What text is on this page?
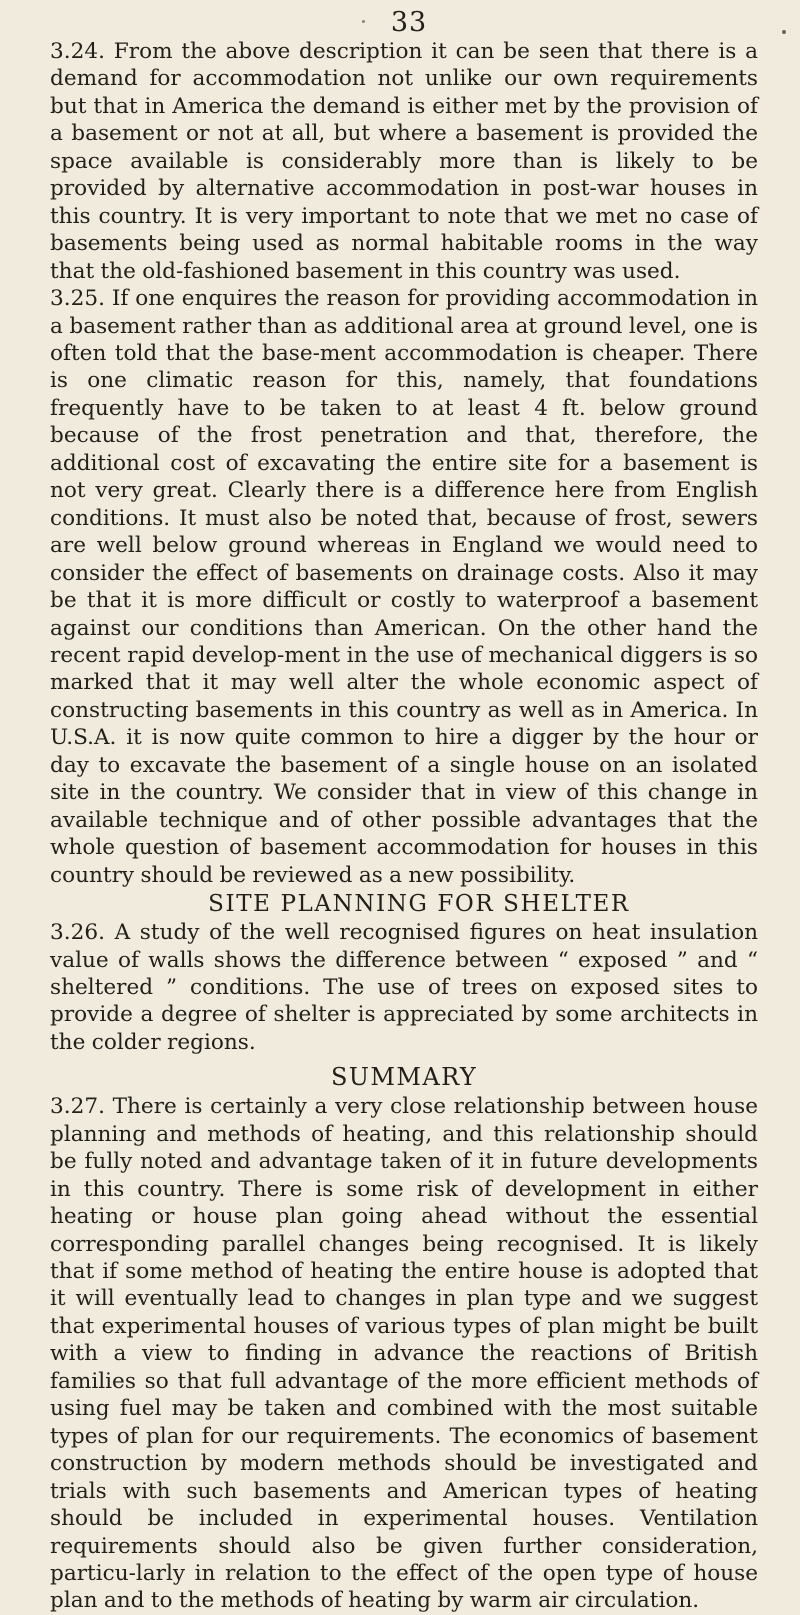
33

3.24. From the above description it can be seen that there is a demand for accommodation not unlike our own requirements but that in America the demand is either met by the provision of a basement or not at all, but where a basement is provided the space available is considerably more than is likely to be provided by alternative accommodation in post-war houses in this country. It is very important to note that we met no case of basements being used as normal habitable rooms in the way that the old-fashioned basement in this country was used.

3.25. If one enquires the reason for providing accommodation in a basement rather than as additional area at ground level, one is often told that the base-ment accommodation is cheaper. There is one climatic reason for this, namely, that foundations frequently have to be taken to at least 4 ft. below ground because of the frost penetration and that, therefore, the additional cost of excavating the entire site for a basement is not very great. Clearly there is a difference here from English conditions. It must also be noted that, because of frost, sewers are well below ground whereas in England we would need to consider the effect of basements on drainage costs. Also it may be that it is more difficult or costly to waterproof a basement against our conditions than American. On the other hand the recent rapid develop-ment in the use of mechanical diggers is so marked that it may well alter the whole economic aspect of constructing basements in this country as well as in America. In U.S.A. it is now quite common to hire a digger by the hour or day to excavate the basement of a single house on an isolated site in the country. We consider that in view of this change in available technique and of other possible advantages that the whole question of basement accommodation for houses in this country should be reviewed as a new possibility.

SITE PLANNING FOR SHELTER

3.26. A study of the well recognised figures on heat insulation value of walls shows the difference between “ exposed ” and “ sheltered ” conditions. The use of trees on exposed sites to provide a degree of shelter is appreciated by some architects in the colder regions.

SUMMARY

3.27. There is certainly a very close relationship between house planning and methods of heating, and this relationship should be fully noted and advantage taken of it in future developments in this country. There is some risk of development in either heating or house plan going ahead without the essential corresponding parallel changes being recognised. It is likely that if some method of heating the entire house is adopted that it will eventually lead to changes in plan type and we suggest that experimental houses of various types of plan might be built with a view to finding in advance the reactions of British families so that full advantage of the more efficient methods of using fuel may be taken and combined with the most suitable types of plan for our requirements. The economics of basement construction by modern methods should be investigated and trials with such basements and American types of heating should be included in experimental houses. Ventilation requirements should also be given further consideration, particu-larly in relation to the effect of the open type of house plan and to the methods of heating by warm air circulation.
